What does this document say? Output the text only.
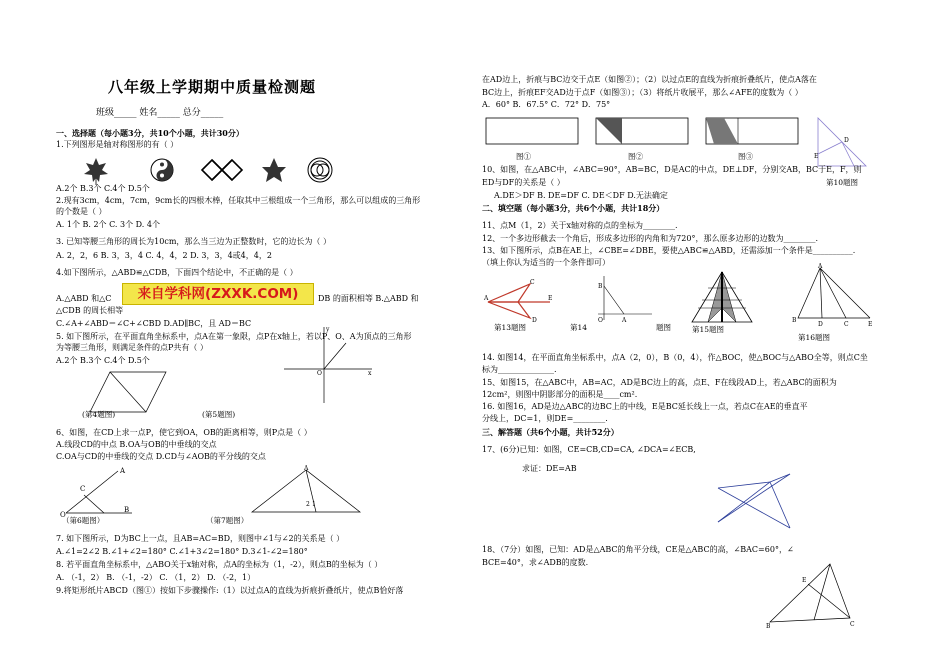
八年级上学期期中质量检测题
班级_____ 姓名_____ 总分_____
一、选择题（每小题3分，共10个小题，共计30分）
1.下列图形是轴对称图形的有（ ）
A.2个 B.3个 C.4个 D.5个
2.现有3cm，4cm，7cm，9cm长的四根木棒，任取其中三根组成一个三角形，那么可以组成的三角形
的个数是（ ）
A. 1个 B. 2个 C. 3个 D. 4个
3. 已知等腰三角形的周长为10cm，那么当三边为正整数时，它的边长为（ ）
A. 2，2，6 B. 3，3，4 C. 4，4，2 D. 3，3，4或4，4，2
4.如下图所示，△ABD≌△CDB，下面四个结论中，不正确的是（ ）
A.△ABD 和△C	DB 的面积相等 B.△ABD 和
△CDB 的周长相等
C.∠A+∠ABD＝∠C+∠CBD D.AD∥BC，且 AD＝BC
5. 如下图所示，在平面直角坐标系中，点A在第一象限，点P在x轴上，若以P、O、A为顶点的三角形
为等腰三角形，则满足条件的点P共有（ ）
A.2个 B.3个 C.4个 D.5个
(第4题图)
O	x
y
(第5题图)
6、如图，在CD上求一点P，使它到OA，OB的距离相等，则P点是（ ）
A.线段CD的中点 B.OA与OB的中垂线的交点
C.OA与CD的中垂线的交点 D.CD与∠AOB的平分线的交点
O
C
A
B
（第6题图）
A
1
2
（第7题图）
7. 如下图所示，D为BC上一点，且AB=AC=BD，则图中∠1与∠2的关系是（ ）
A.∠1=2∠2 B.∠1+∠2=180° C.∠1+3∠2=180° D.3∠1-∠2=180°
8. 若平面直角坐标系中，△ABO关于x轴对称，点A的坐标为（1，-2），则点B的坐标为（ ）
A. （-1，2） B. （-1，-2） C. （1，2） D. （-2，1）
9.将矩形纸片ABCD（图①）按如下步骤操作:（1）以过点A的直线为折痕折叠纸片，使点B恰好落
来自学科网(ZXXK.COM)
在AD边上，折痕与BC边交于点E（如图②）；（2）以过点E的直线为折痕折叠纸片，使点A落在
BC边上，折痕EF交AD边于点F（如图③）；（3）将纸片收展平，那么∠AFE的度数为（ ）
A．60° B．67.5° C．72° D．75°
图①	图②	图③
D
E
第10题图
10、如图，在△ABC中，∠ABC=90°，AB=BC，D是AC的中点，DE⊥DF，分别交AB，BC于E，F，则
ED与DF的关系是（ ）
A.DE＞DF B. DE=DF C. DE＜DF D.无法确定
二、填空题（每小题3分，共6个小题，共计18分）
11、点M（1，2）关于x轴对称的点的坐标为________.
12、一个多边形截去一个角后，形成多边形的内角和为720°，那么原多边形的边数为________.
13、如下图所示，点B在AE上，∠CBE=∠DBE，要使△ABC≌△ABD，还需添加一个条件是__________.
（填上你认为适当的一个条件即可）
A
C
D
E
第13题图
B
A
O
第14	题图	第15题图
A
B
D	C	E
第16题图
14. 如图14，在平面直角坐标系中，点A（2，0），B（0，4），作△BOC，使△BOC与△ABO全等，则点C坐
标为______________.
15、如图15，在△ABC中，AB=AC，AD是BC边上的高，点E、F在线段AD上，若△ABC的面积为
12cm²，则图中阴影部分的面积是____cm².
16. 如图16，AD是边△ABC的边BC上的中线，E是BC延长线上一点，若点C在AE的垂直平
分线上，DC=1，则DE=________.
三、解答题（共6个小题，共计52分）
17、(6分)已知：如图，CE=CB,CD=CA, ∠DCA=∠ECB,
求证：DE=AB
18、（7分）如图，已知：AD是△ABC的角平分线，CE是△ABC的高，∠BAC=60°，∠
BCE=40°，求∠ADB的度数.
E
B	C
